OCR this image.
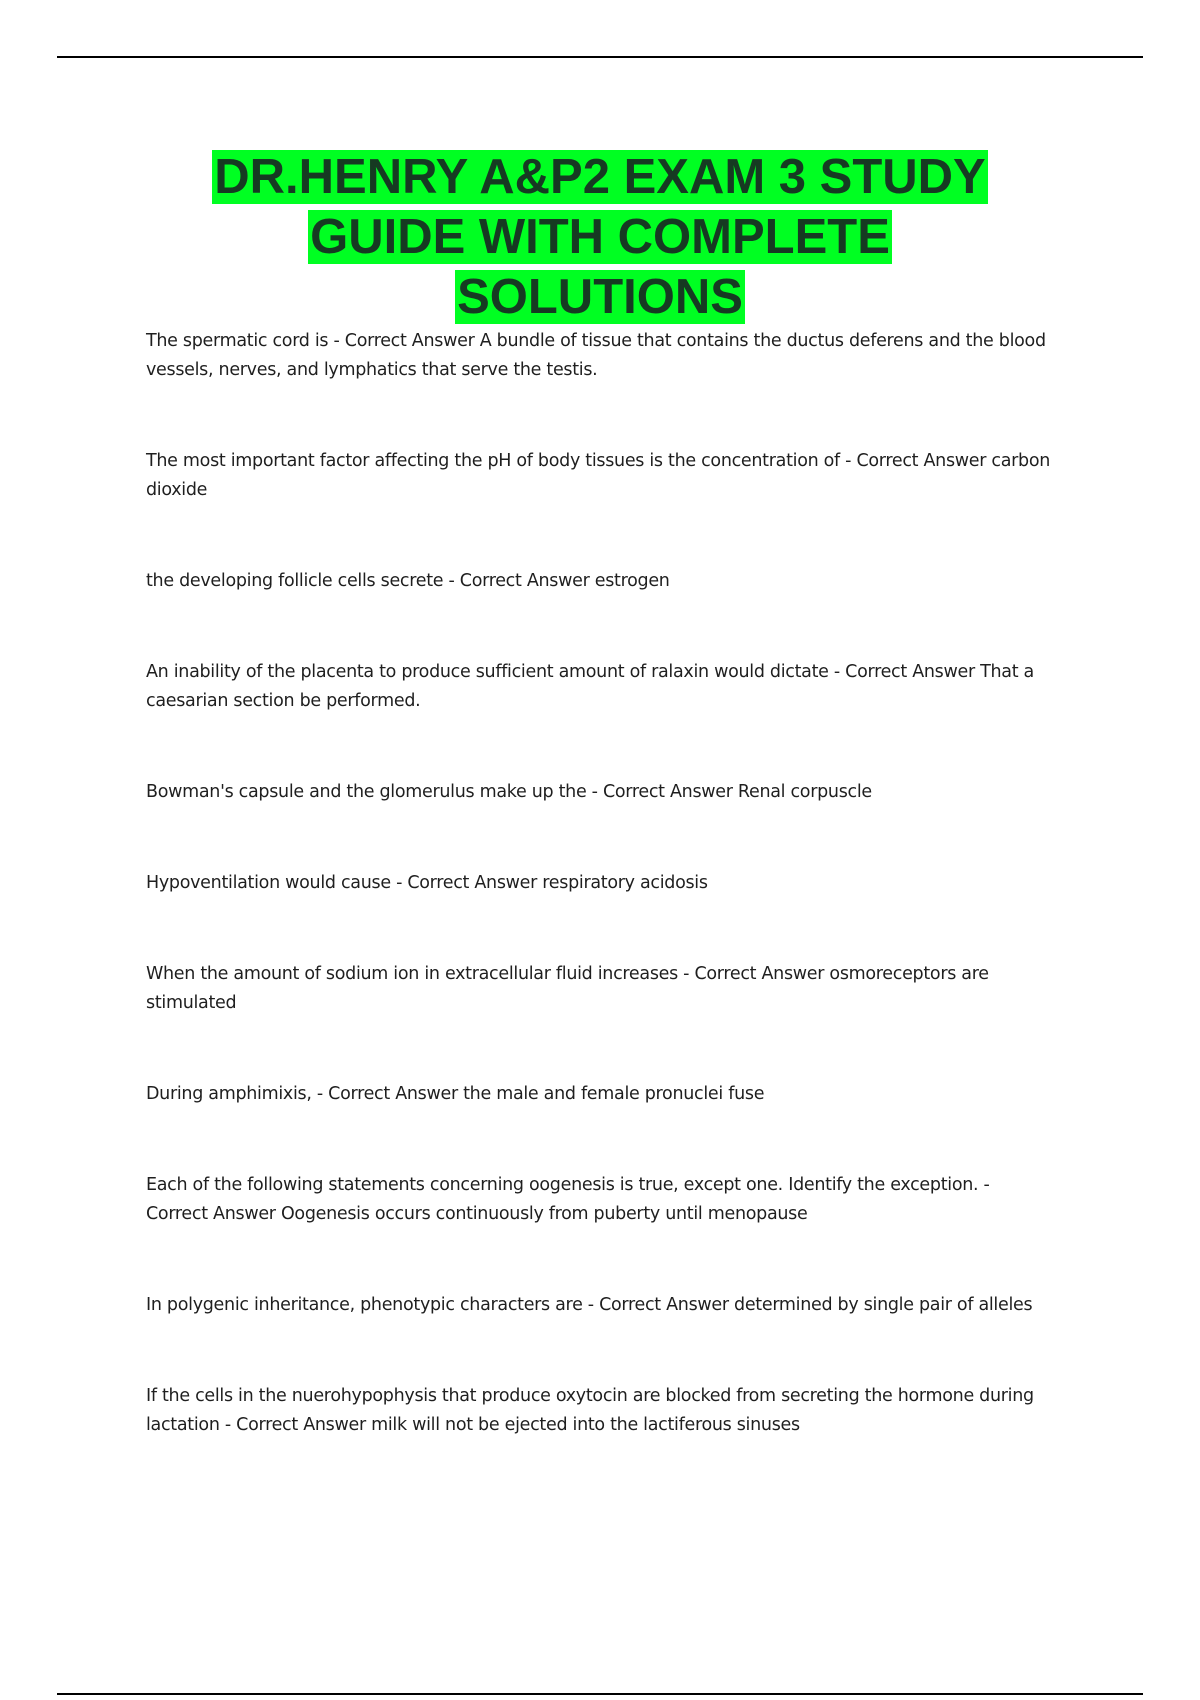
DR.HENRY A&P2 EXAM 3 STUDY
GUIDE WITH COMPLETE
SOLUTIONS

The spermatic cord is - Correct Answer A bundle of tissue that contains the ductus deferens and the blood vessels, nerves, and lymphatics that serve the testis.

The most important factor affecting the pH of body tissues is the concentration of - Correct Answer carbon dioxide

the developing follicle cells secrete - Correct Answer estrogen

An inability of the placenta to produce sufficient amount of ralaxin would dictate - Correct Answer That a caesarian section be performed.

Bowman's capsule and the glomerulus make up the - Correct Answer Renal corpuscle

Hypoventilation would cause - Correct Answer respiratory acidosis

When the amount of sodium ion in extracellular fluid increases - Correct Answer osmoreceptors are stimulated

During amphimixis, - Correct Answer the male and female pronuclei fuse

Each of the following statements concerning oogenesis is true, except one. Identify the exception. - Correct Answer Oogenesis occurs continuously from puberty until menopause

In polygenic inheritance, phenotypic characters are - Correct Answer determined by single pair of alleles

If the cells in the nuerohypophysis that produce oxytocin are blocked from secreting the hormone during lactation - Correct Answer milk will not be ejected into the lactiferous sinuses
